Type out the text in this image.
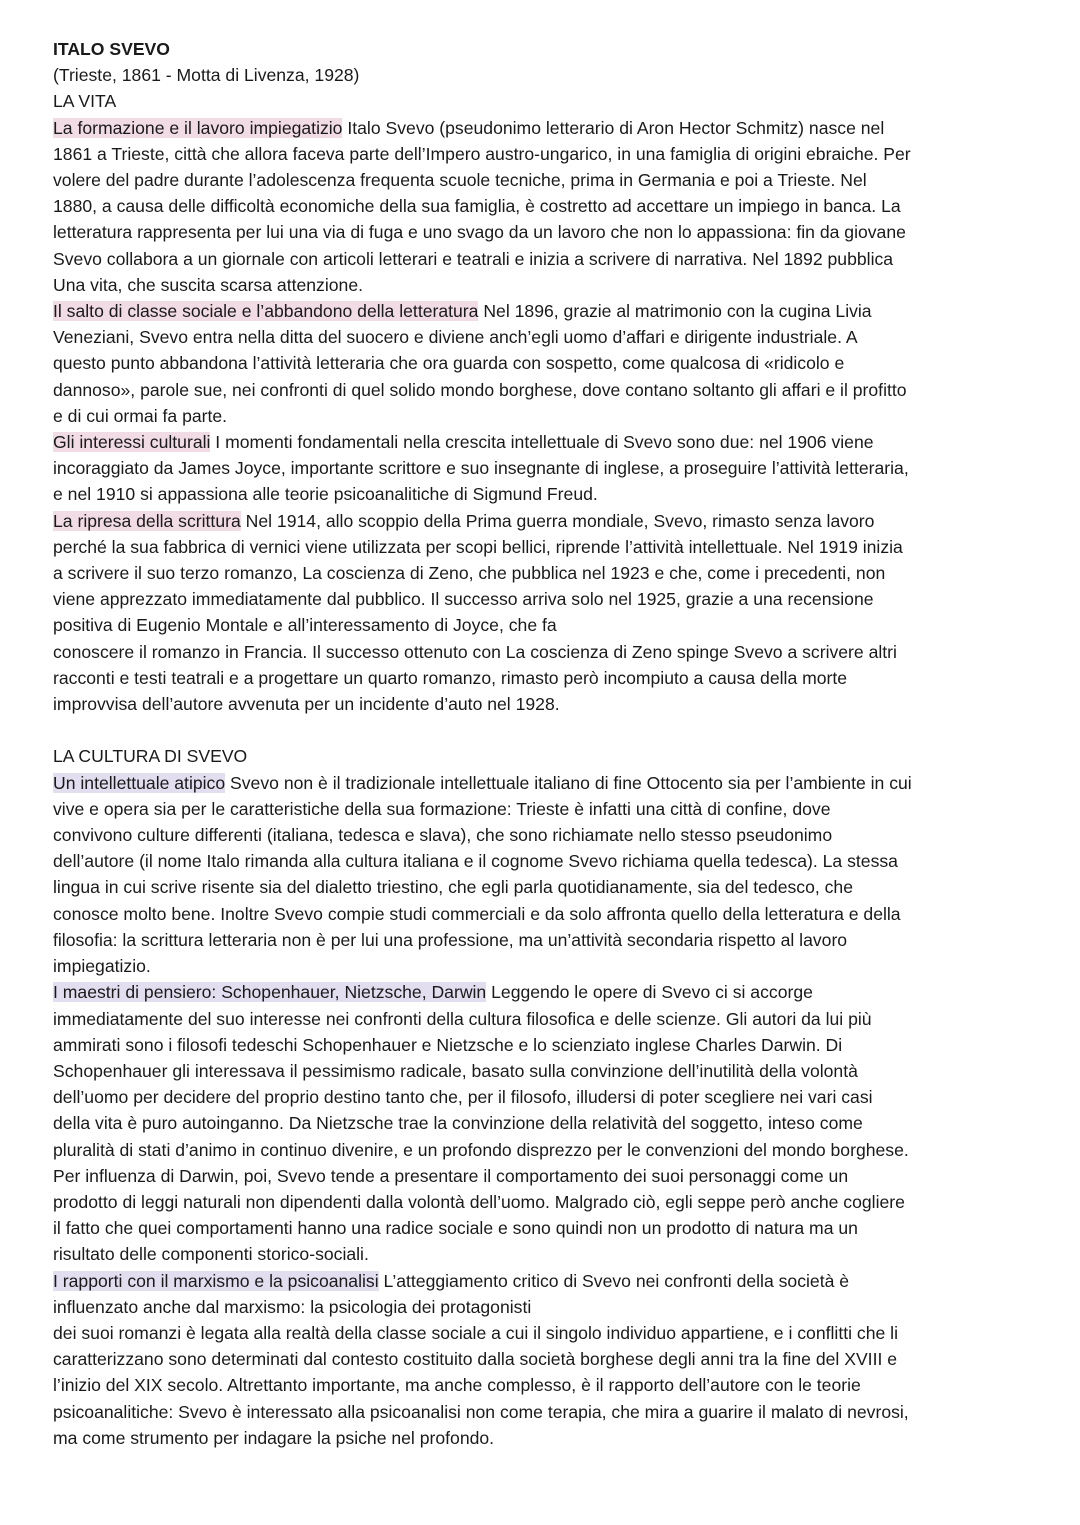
ITALO SVEVO
(Trieste, 1861 - Motta di Livenza, 1928)
LA VITA
La formazione e il lavoro impiegatizio Italo Svevo (pseudonimo letterario di Aron Hector Schmitz) nasce nel
1861 a Trieste, città che allora faceva parte dell’Impero austro-ungarico, in una famiglia di origini ebraiche. Per
volere del padre durante l’adolescenza frequenta scuole tecniche, prima in Germania e poi a Trieste. Nel
1880, a causa delle difficoltà economiche della sua famiglia, è costretto ad accettare un impiego in banca. La
letteratura rappresenta per lui una via di fuga e uno svago da un lavoro che non lo appassiona: fin da giovane
Svevo collabora a un giornale con articoli letterari e teatrali e inizia a scrivere di narrativa. Nel 1892 pubblica
Una vita, che suscita scarsa attenzione.
Il salto di classe sociale e l’abbandono della letteratura Nel 1896, grazie al matrimonio con la cugina Livia
Veneziani, Svevo entra nella ditta del suocero e diviene anch’egli uomo d’affari e dirigente industriale. A
questo punto abbandona l’attività letteraria che ora guarda con sospetto, come qualcosa di «ridicolo e
dannoso», parole sue, nei confronti di quel solido mondo borghese, dove contano soltanto gli affari e il profitto
e di cui ormai fa parte.
Gli interessi culturali I momenti fondamentali nella crescita intellettuale di Svevo sono due: nel 1906 viene
incoraggiato da James Joyce, importante scrittore e suo insegnante di inglese, a proseguire l’attività letteraria,
e nel 1910 si appassiona alle teorie psicoanalitiche di Sigmund Freud.
La ripresa della scrittura Nel 1914, allo scoppio della Prima guerra mondiale, Svevo, rimasto senza lavoro
perché la sua fabbrica di vernici viene utilizzata per scopi bellici, riprende l’attività intellettuale. Nel 1919 inizia
a scrivere il suo terzo romanzo, La coscienza di Zeno, che pubblica nel 1923 e che, come i precedenti, non
viene apprezzato immediatamente dal pubblico. Il successo arriva solo nel 1925, grazie a una recensione
positiva di Eugenio Montale e all’interessamento di Joyce, che fa
conoscere il romanzo in Francia. Il successo ottenuto con La coscienza di Zeno spinge Svevo a scrivere altri
racconti e testi teatrali e a progettare un quarto romanzo, rimasto però incompiuto a causa della morte
improvvisa dell’autore avvenuta per un incidente d’auto nel 1928.
LA CULTURA DI SVEVO
Un intellettuale atipico Svevo non è il tradizionale intellettuale italiano di fine Ottocento sia per l’ambiente in cui
vive e opera sia per le caratteristiche della sua formazione: Trieste è infatti una città di confine, dove
convivono culture differenti (italiana, tedesca e slava), che sono richiamate nello stesso pseudonimo
dell’autore (il nome Italo rimanda alla cultura italiana e il cognome Svevo richiama quella tedesca). La stessa
lingua in cui scrive risente sia del dialetto triestino, che egli parla quotidianamente, sia del tedesco, che
conosce molto bene. Inoltre Svevo compie studi commerciali e da solo affronta quello della letteratura e della
filosofia: la scrittura letteraria non è per lui una professione, ma un’attività secondaria rispetto al lavoro
impiegatizio.
I maestri di pensiero: Schopenhauer, Nietzsche, Darwin Leggendo le opere di Svevo ci si accorge
immediatamente del suo interesse nei confronti della cultura filosofica e delle scienze. Gli autori da lui più
ammirati sono i filosofi tedeschi Schopenhauer e Nietzsche e lo scienziato inglese Charles Darwin. Di
Schopenhauer gli interessava il pessimismo radicale, basato sulla convinzione dell’inutilità della volontà
dell’uomo per decidere del proprio destino tanto che, per il filosofo, illudersi di poter scegliere nei vari casi
della vita è puro autoinganno. Da Nietzsche trae la convinzione della relatività del soggetto, inteso come
pluralità di stati d’animo in continuo divenire, e un profondo disprezzo per le convenzioni del mondo borghese.
Per influenza di Darwin, poi, Svevo tende a presentare il comportamento dei suoi personaggi come un
prodotto di leggi naturali non dipendenti dalla volontà dell’uomo. Malgrado ciò, egli seppe però anche cogliere
il fatto che quei comportamenti hanno una radice sociale e sono quindi non un prodotto di natura ma un
risultato delle componenti storico-sociali.
I rapporti con il marxismo e la psicoanalisi L’atteggiamento critico di Svevo nei confronti della società è
influenzato anche dal marxismo: la psicologia dei protagonisti
dei suoi romanzi è legata alla realtà della classe sociale a cui il singolo individuo appartiene, e i conflitti che li
caratterizzano sono determinati dal contesto costituito dalla società borghese degli anni tra la fine del XVIII e
l’inizio del XIX secolo. Altrettanto importante, ma anche complesso, è il rapporto dell’autore con le teorie
psicoanalitiche: Svevo è interessato alla psicoanalisi non come terapia, che mira a guarire il malato di nevrosi,
ma come strumento per indagare la psiche nel profondo.
